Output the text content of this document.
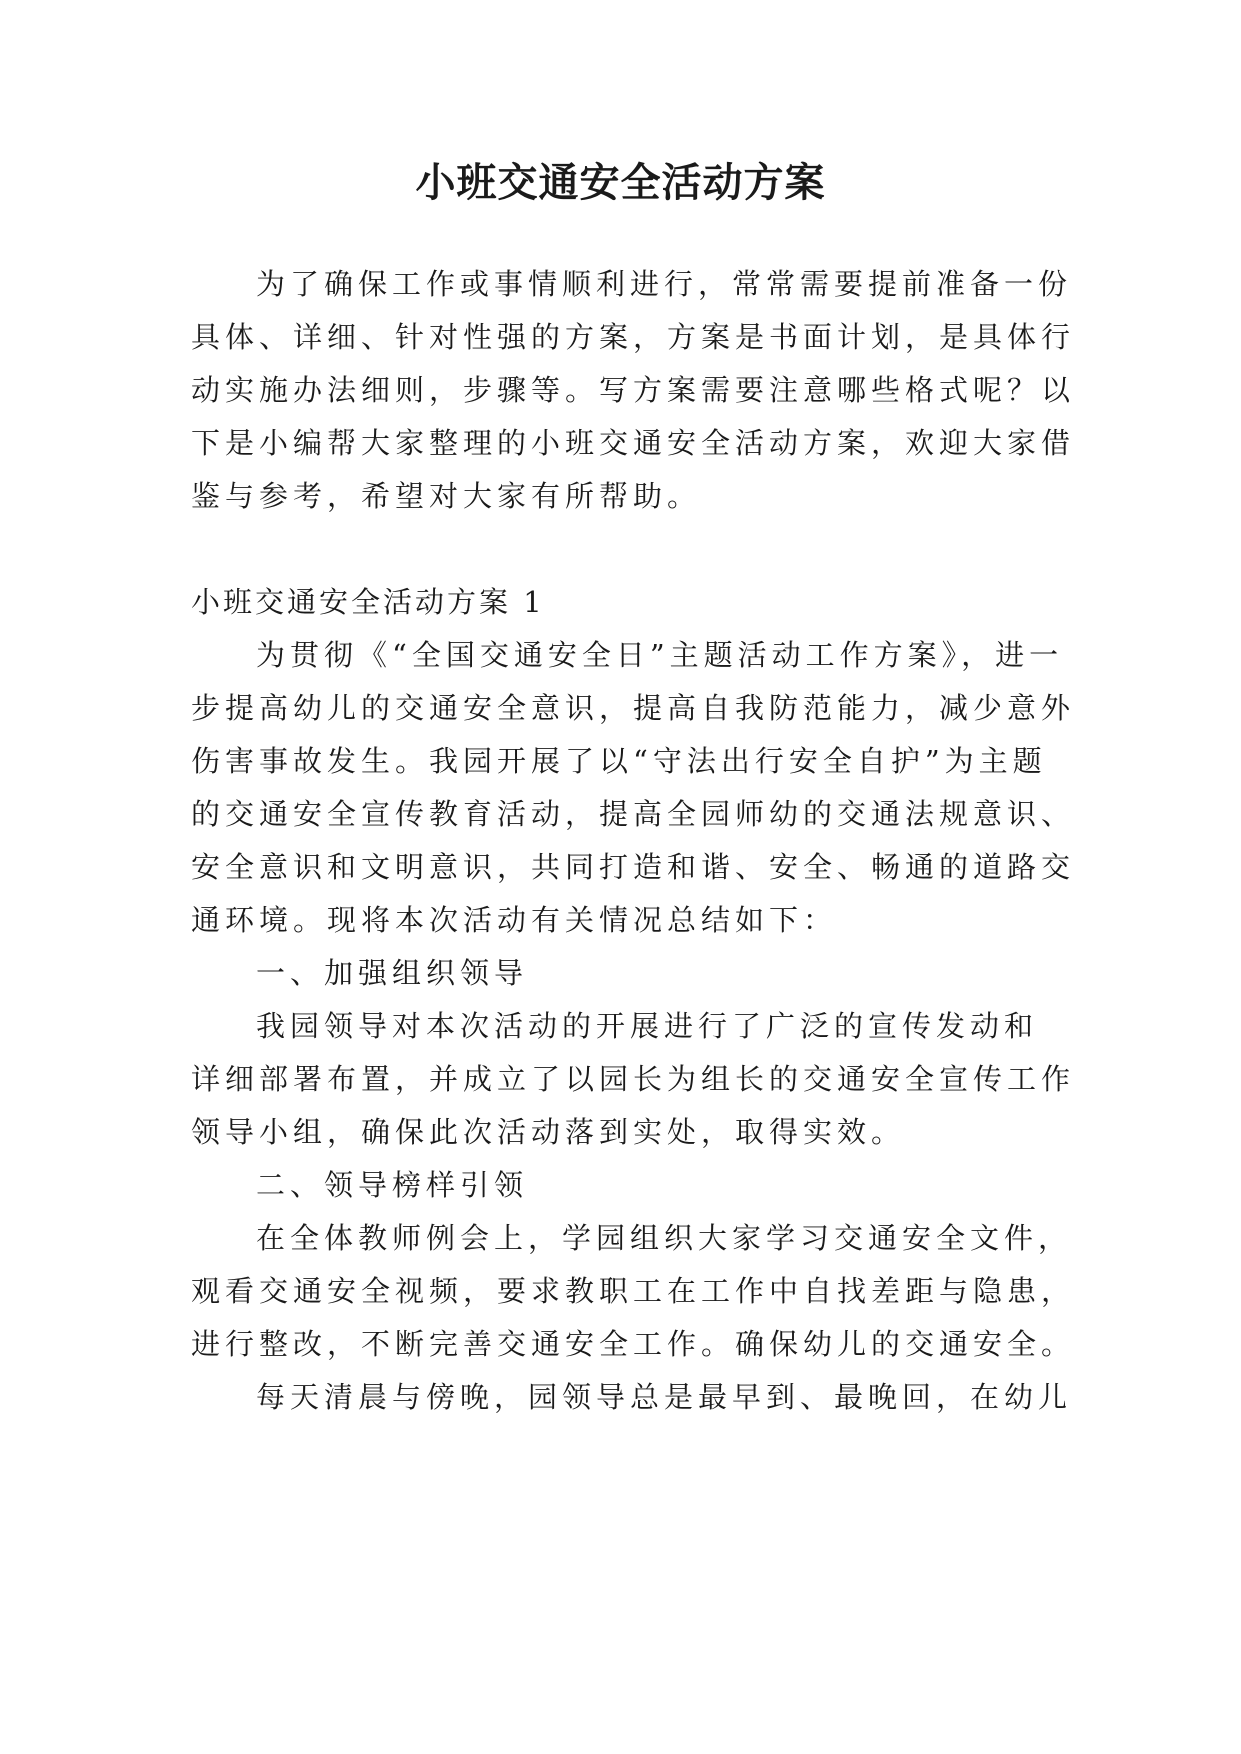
小班交通安全活动方案
为了确保工作或事情顺利进行，常常需要提前准备一份
具体、详细、针对性强的方案，方案是书面计划，是具体行
动实施办法细则，步骤等。写方案需要注意哪些格式呢？以
下是小编帮大家整理的小班交通安全活动方案，欢迎大家借
鉴与参考，希望对大家有所帮助。
小班交通安全活动方案 1
为贯彻《“全国交通安全日”主题活动工作方案》，进一
步提高幼儿的交通安全意识，提高自我防范能力，减少意外
伤害事故发生。我园开展了以“守法出行安全自护”为主题
的交通安全宣传教育活动，提高全园师幼的交通法规意识、
安全意识和文明意识，共同打造和谐、安全、畅通的道路交
通环境。现将本次活动有关情况总结如下：
一、加强组织领导
我园领导对本次活动的开展进行了广泛的宣传发动和
详细部署布置，并成立了以园长为组长的交通安全宣传工作
领导小组，确保此次活动落到实处，取得实效。
二、领导榜样引领
在全体教师例会上，学园组织大家学习交通安全文件，
观看交通安全视频，要求教职工在工作中自找差距与隐患，
进行整改，不断完善交通安全工作。确保幼儿的交通安全。
每天清晨与傍晚，园领导总是最早到、最晚回，在幼儿
